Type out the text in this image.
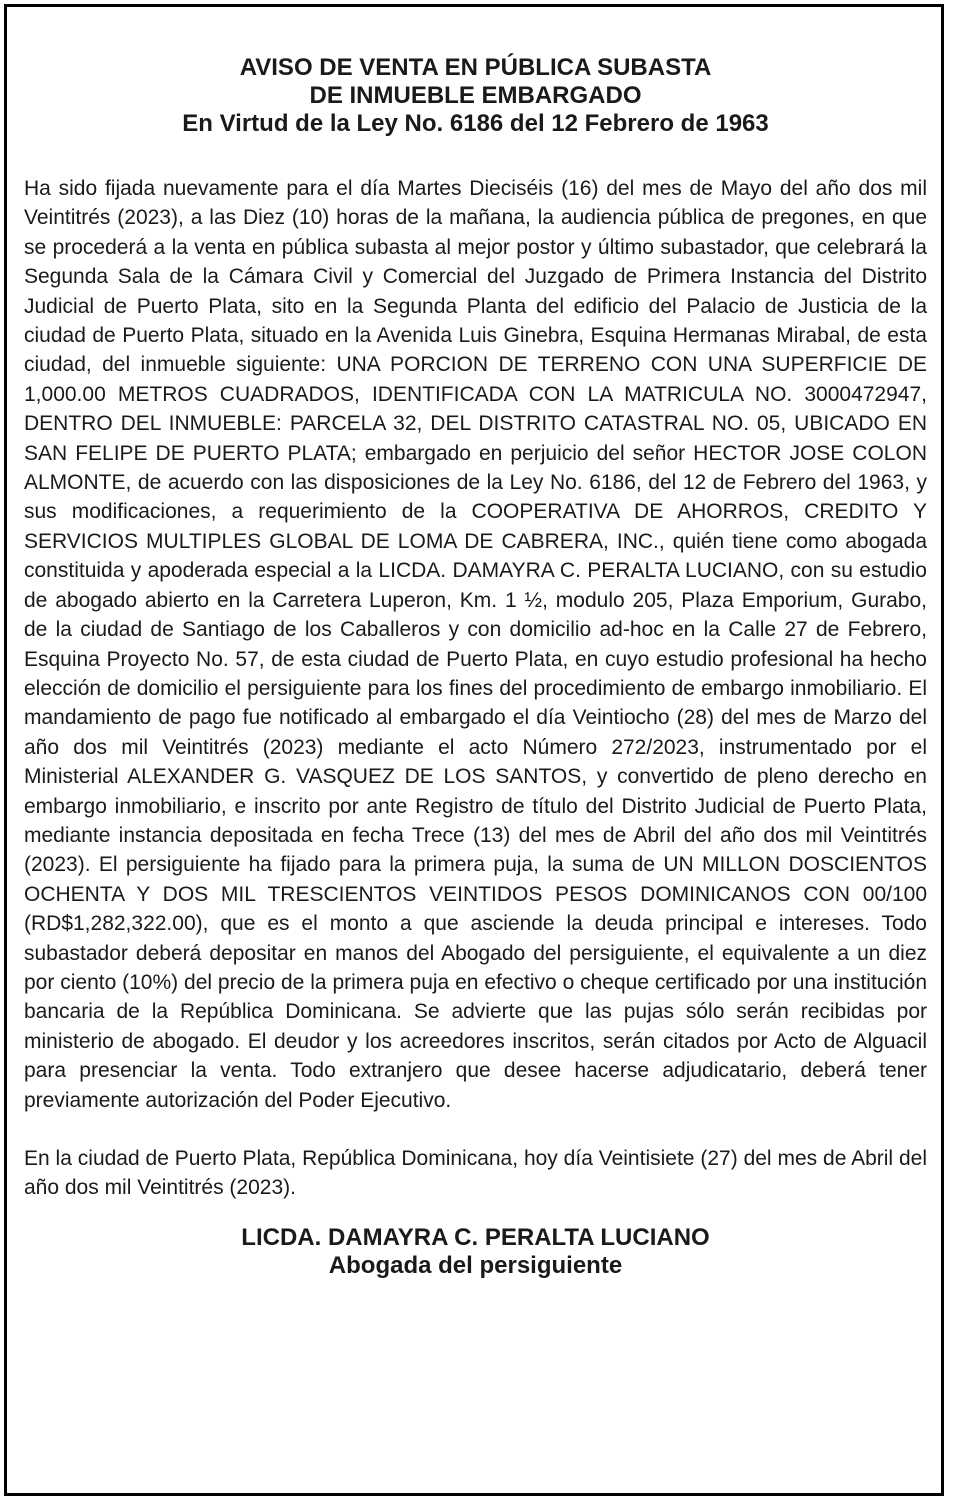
AVISO DE VENTA EN PÚBLICA SUBASTA
DE INMUEBLE EMBARGADO
En Virtud de la Ley No. 6186 del 12 Febrero de 1963

Ha sido fijada nuevamente para el día Martes Dieciséis (16) del mes de Mayo del año dos mil Veintitrés (2023), a las Diez (10) horas de la mañana, la audiencia pública de pregones, en que se procederá a la venta en pública subasta al mejor postor y último subastador, que celebrará la Segunda Sala de la Cámara Civil y Comercial del Juzgado de Primera Instancia del Distrito Judicial de Puerto Plata, sito en la Segunda Planta del edificio del Palacio de Justicia de la ciudad de Puerto Plata, situado en la Avenida Luis Ginebra, Esquina Hermanas Mirabal, de esta ciudad, del inmueble siguiente: UNA PORCION DE TERRENO CON UNA SUPERFICIE DE 1,000.00 METROS CUADRADOS, IDENTIFICADA CON LA MATRICULA NO. 3000472947, DENTRO DEL INMUEBLE: PARCELA 32, DEL DISTRITO CATASTRAL NO. 05, UBICADO EN SAN FELIPE DE PUERTO PLATA; embargado en perjuicio del señor HECTOR JOSE COLON ALMONTE, de acuerdo con las disposiciones de la Ley No. 6186, del 12 de Febrero del 1963, y sus modificaciones, a requerimiento de la COOPERATIVA DE AHORROS, CREDITO Y SERVICIOS MULTIPLES GLOBAL DE LOMA DE CABRERA, INC., quién tiene como abogada constituida y apoderada especial a la LICDA. DAMAYRA C. PERALTA LUCIANO, con su estudio de abogado abierto en la Carretera Luperon, Km. 1 ½, modulo 205, Plaza Emporium, Gurabo, de la ciudad de Santiago de los Caballeros y con domicilio ad-hoc en la Calle 27 de Febrero, Esquina Proyecto No. 57, de esta ciudad de Puerto Plata, en cuyo estudio profesional ha hecho elección de domicilio el persiguiente para los fines del procedimiento de embargo inmobiliario. El mandamiento de pago fue notificado al embargado el día Veintiocho (28) del mes de Marzo del año dos mil Veintitrés (2023) mediante el acto Número 272/2023, instrumentado por el Ministerial ALEXANDER G. VASQUEZ DE LOS SANTOS, y convertido de pleno derecho en embargo inmobiliario, e inscrito por ante Registro de título del Distrito Judicial de Puerto Plata, mediante instancia depositada en fecha Trece (13) del mes de Abril del año dos mil Veintitrés (2023). El persiguiente ha fijado para la primera puja, la suma de UN MILLON DOSCIENTOS OCHENTA Y DOS MIL TRESCIENTOS VEINTIDOS PESOS DOMINICANOS CON 00/100 (RD$1,282,322.00), que es el monto a que asciende la deuda principal e intereses. Todo subastador deberá depositar en manos del Abogado del persiguiente, el equivalente a un diez por ciento (10%) del precio de la primera puja en efectivo o cheque certificado por una institución bancaria de la República Dominicana. Se advierte que las pujas sólo serán recibidas por ministerio de abogado. El deudor y los acreedores inscritos, serán citados por Acto de Alguacil para presenciar la venta. Todo extranjero que desee hacerse adjudicatario, deberá tener previamente autorización del Poder Ejecutivo.

En la ciudad de Puerto Plata, República Dominicana, hoy día Veintisiete (27) del mes de Abril del año dos mil Veintitrés (2023).

LICDA. DAMAYRA C. PERALTA LUCIANO
Abogada del persiguiente
